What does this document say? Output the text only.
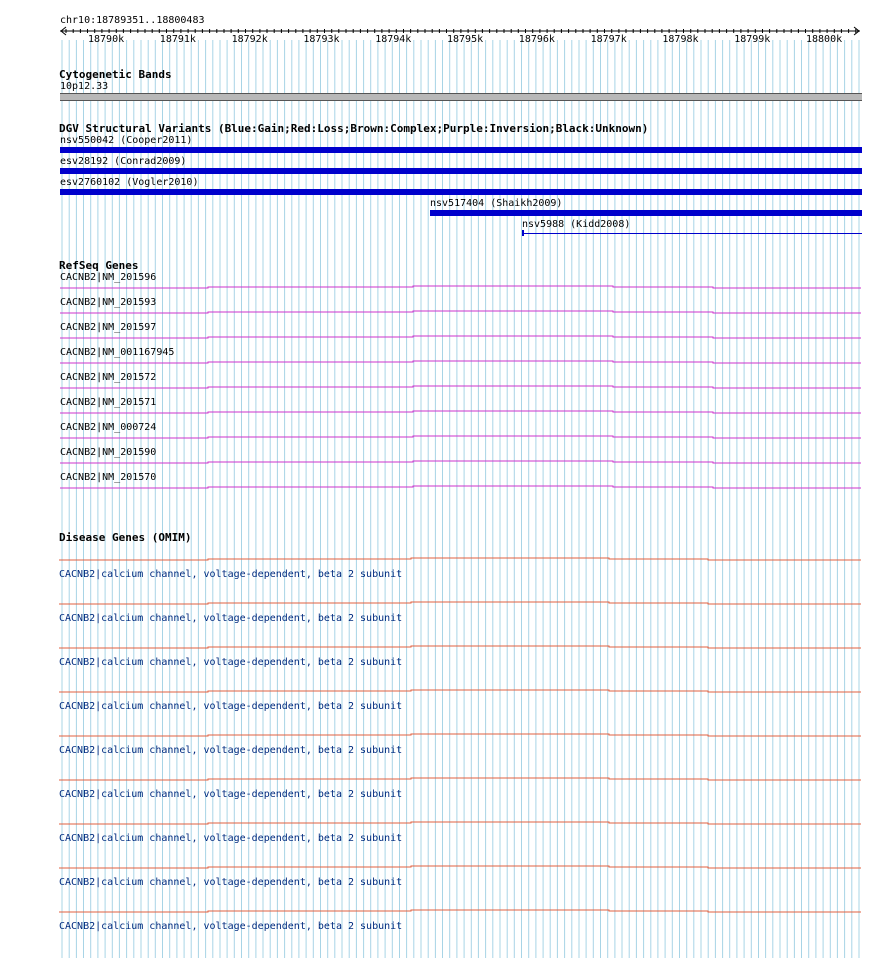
chr10:18789351..18800483
18790k	18791k	18792k	18793k	18794k	18795k	18796k	18797k	18798k	18799k	18800k
Cytogenetic Bands
10p12.33
DGV Structural Variants (Blue:Gain;Red:Loss;Brown:Complex;Purple:Inversion;Black:Unknown)
nsv550042 (Cooper2011)
esv28192 (Conrad2009)
esv2760102 (Vogler2010)
nsv517404 (Shaikh2009)
nsv5988 (Kidd2008)
RefSeq Genes
CACNB2|NM_201596
CACNB2|NM_201593
CACNB2|NM_201597
CACNB2|NM_001167945
CACNB2|NM_201572
CACNB2|NM_201571
CACNB2|NM_000724
CACNB2|NM_201590
CACNB2|NM_201570
Disease Genes (OMIM)
CACNB2|calcium channel, voltage-dependent, beta 2 subunit
CACNB2|calcium channel, voltage-dependent, beta 2 subunit
CACNB2|calcium channel, voltage-dependent, beta 2 subunit
CACNB2|calcium channel, voltage-dependent, beta 2 subunit
CACNB2|calcium channel, voltage-dependent, beta 2 subunit
CACNB2|calcium channel, voltage-dependent, beta 2 subunit
CACNB2|calcium channel, voltage-dependent, beta 2 subunit
CACNB2|calcium channel, voltage-dependent, beta 2 subunit
CACNB2|calcium channel, voltage-dependent, beta 2 subunit
